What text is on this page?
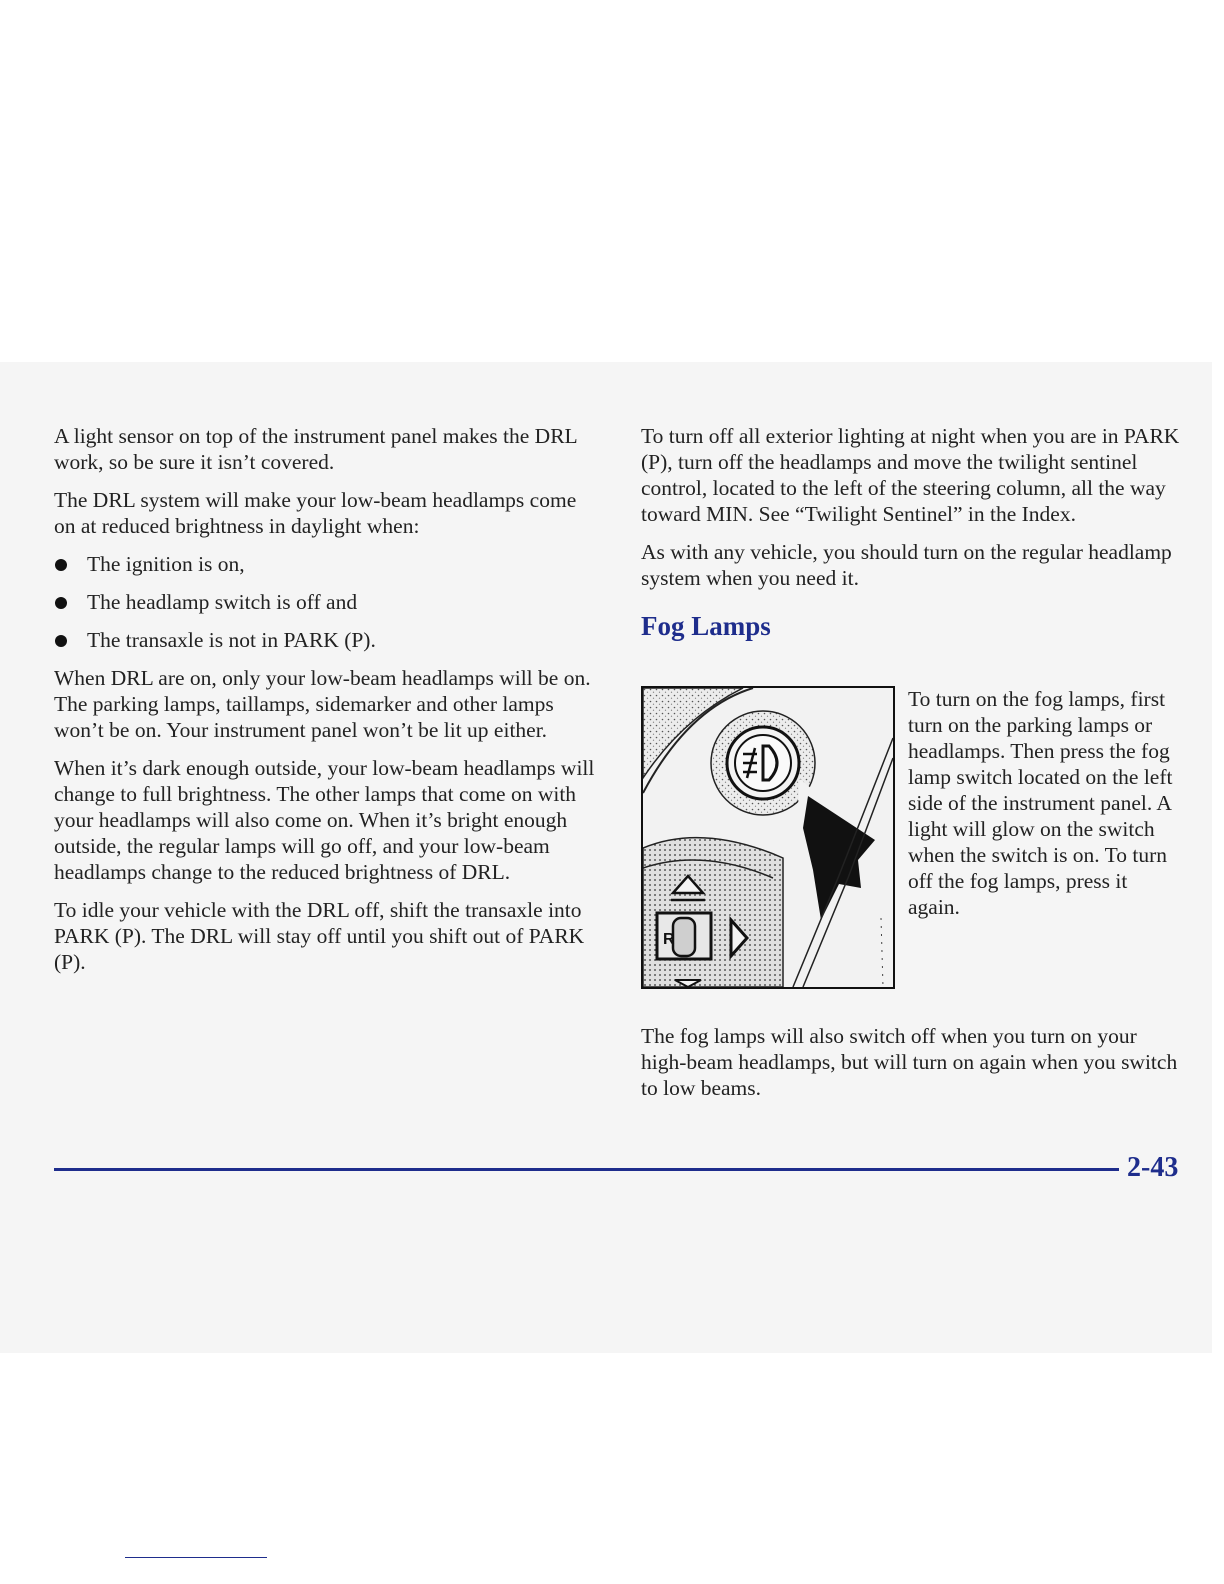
A light sensor on top of the instrument panel makes the DRL work, so be sure it isn’t covered.

The DRL system will make your low-beam headlamps come on at reduced brightness in daylight when:

The ignition is on,
The headlamp switch is off and
The transaxle is not in PARK (P).

When DRL are on, only your low-beam headlamps will be on. The parking lamps, taillamps, sidemarker and other lamps won’t be on. Your instrument panel won’t be lit up either.

When it’s dark enough outside, your low-beam headlamps will change to full brightness. The other lamps that come on with your headlamps will also come on. When it’s bright enough outside, the regular lamps will go off, and your low-beam headlamps change to the reduced brightness of DRL.

To idle your vehicle with the DRL off, shift the transaxle into PARK (P). The DRL will stay off until you shift out of PARK (P).

To turn off all exterior lighting at night when you are in PARK (P), turn off the headlamps and move the twilight sentinel control, located to the left of the steering column, all the way toward MIN. See “Twilight Sentinel” in the Index.

As with any vehicle, you should turn on the regular headlamp system when you need it.

Fog Lamps
R
To turn on the fog lamps, first turn on the parking lamps or headlamps. Then press the fog lamp switch located on the left side of the instrument panel. A light will glow on the switch when the switch is on. To turn off the fog lamps, press it again.
The fog lamps will also switch off when you turn on your high-beam headlamps, but will turn on again when you switch to low beams.
2-43
